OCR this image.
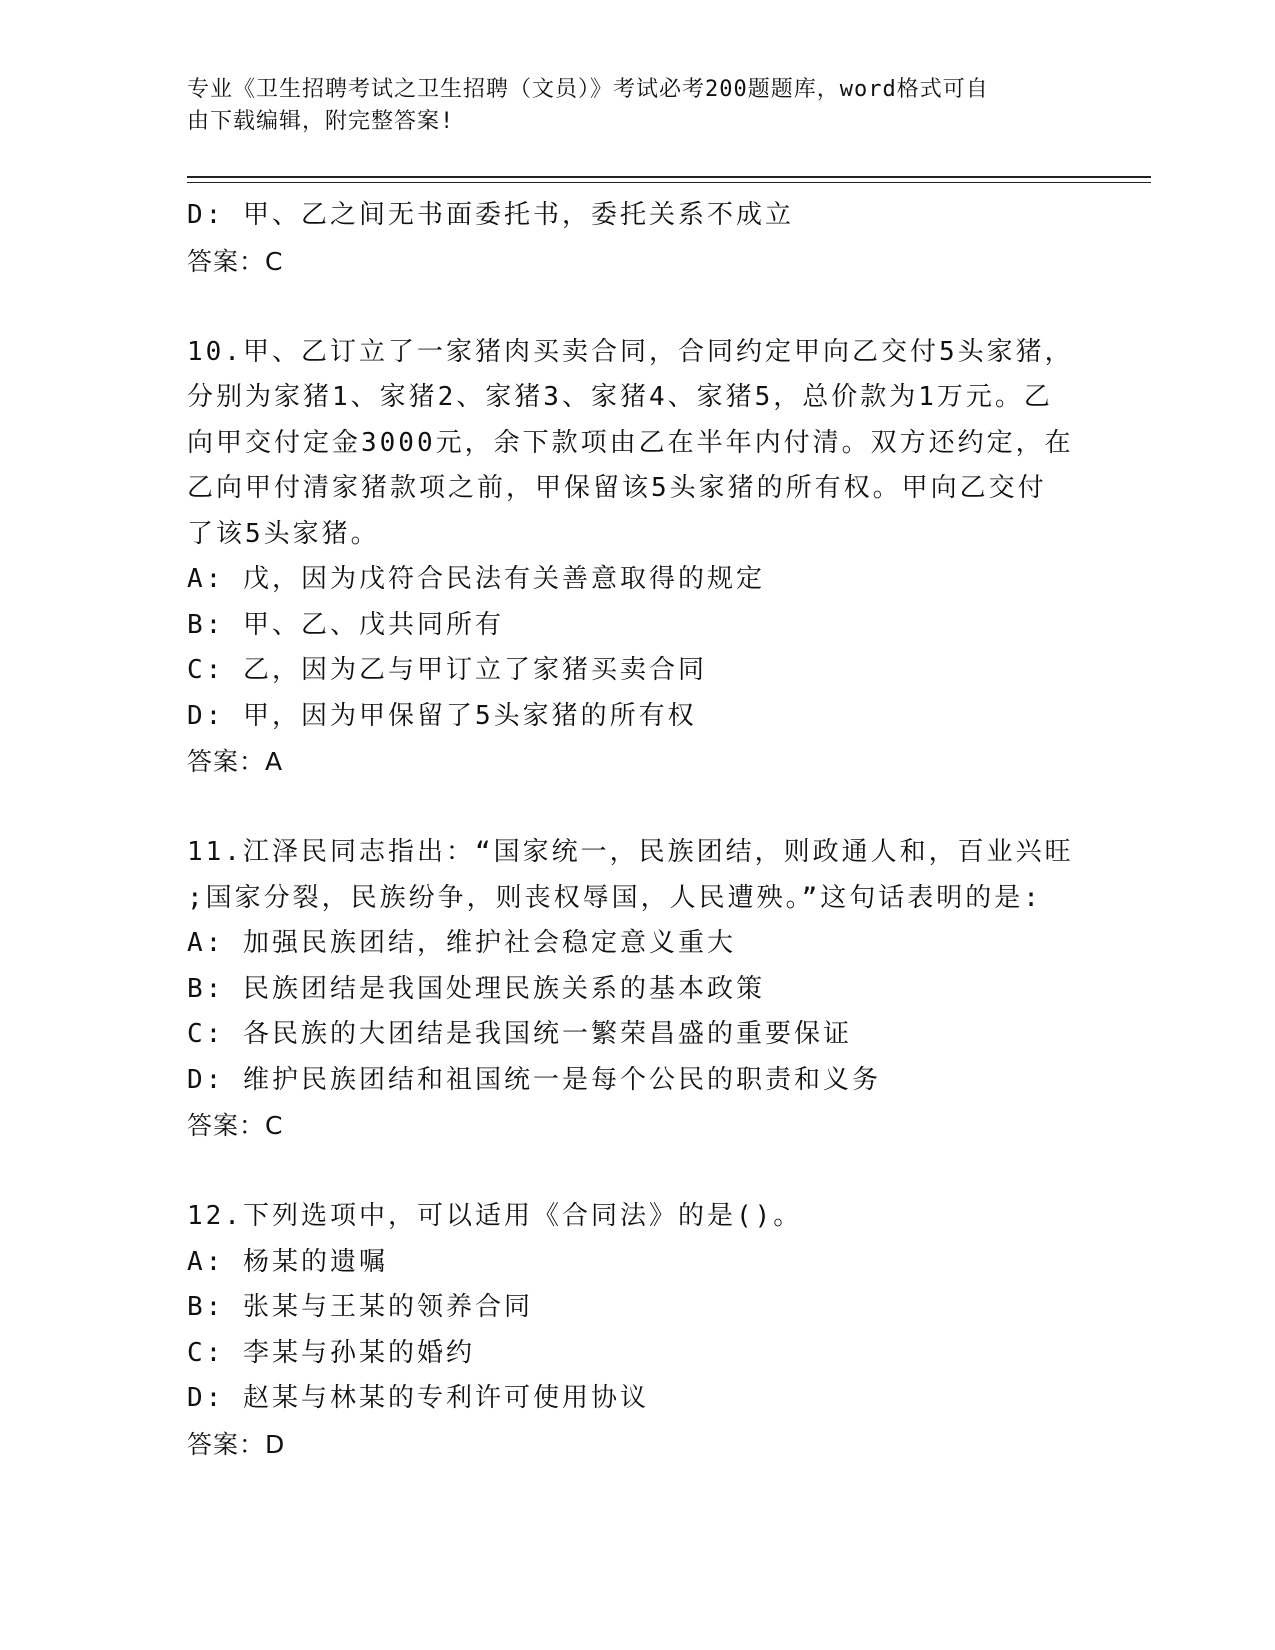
专业《卫生招聘考试之卫生招聘（文员）》考试必考200题题库，word格式可自
由下载编辑，附完整答案!
D: 甲、乙之间无书面委托书，委托关系不成立
答案：C
10.甲、乙订立了一家猪肉买卖合同，合同约定甲向乙交付5头家猪，
分别为家猪1、家猪2、家猪3、家猪4、家猪5，总价款为1万元。乙
向甲交付定金3000元，余下款项由乙在半年内付清。双方还约定，在
乙向甲付清家猪款项之前，甲保留该5头家猪的所有权。甲向乙交付
了该5头家猪。
A: 戊，因为戊符合民法有关善意取得的规定
B: 甲、乙、戊共同所有
C: 乙，因为乙与甲订立了家猪买卖合同
D: 甲，因为甲保留了5头家猪的所有权
答案：A
11.江泽民同志指出：“国家统一，民族团结，则政通人和，百业兴旺
;国家分裂，民族纷争，则丧权辱国，人民遭殃。”这句话表明的是:
A: 加强民族团结，维护社会稳定意义重大
B: 民族团结是我国处理民族关系的基本政策
C: 各民族的大团结是我国统一繁荣昌盛的重要保证
D: 维护民族团结和祖国统一是每个公民的职责和义务
答案：C
12.下列选项中，可以适用《合同法》的是()。
A: 杨某的遗嘱
B: 张某与王某的领养合同
C: 李某与孙某的婚约
D: 赵某与林某的专利许可使用协议
答案：D
